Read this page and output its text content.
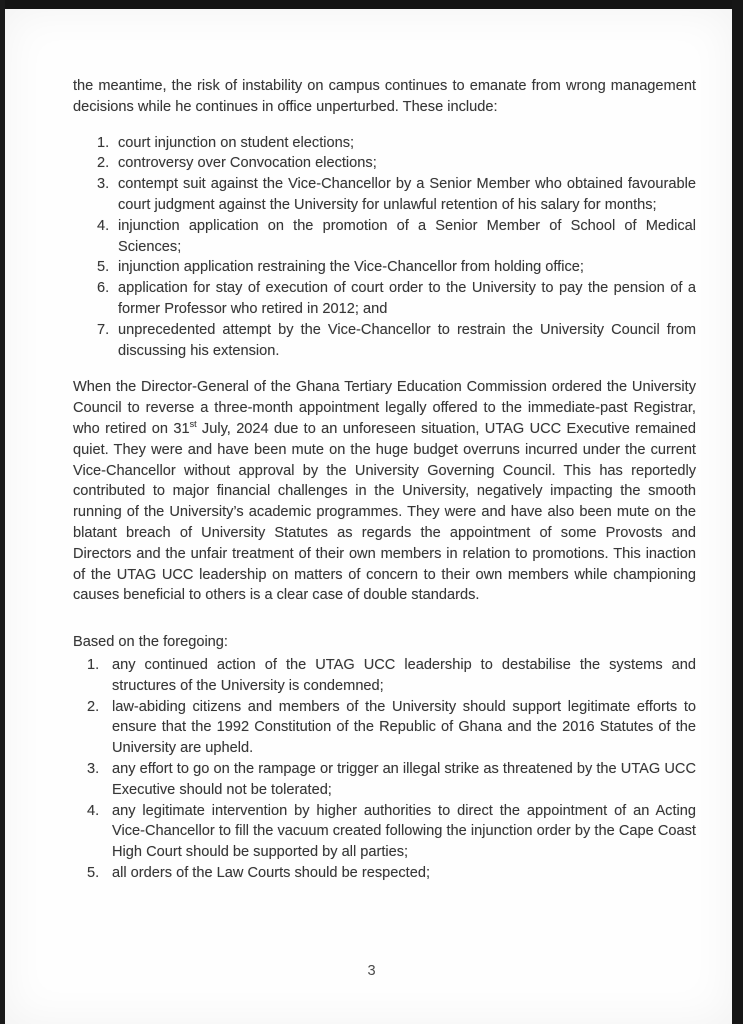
the meantime, the risk of instability on campus continues to emanate from wrong management decisions while he continues in office unperturbed. These include:

1. court injunction on student elections;
2. controversy over Convocation elections;
3. contempt suit against the Vice-Chancellor by a Senior Member who obtained favourable court judgment against the University for unlawful retention of his salary for months;
4. injunction application on the promotion of a Senior Member of School of Medical Sciences;
5. injunction application restraining the Vice-Chancellor from holding office;
6. application for stay of execution of court order to the University to pay the pension of a former Professor who retired in 2012; and
7. unprecedented attempt by the Vice-Chancellor to restrain the University Council from discussing his extension.

When the Director-General of the Ghana Tertiary Education Commission ordered the University Council to reverse a three-month appointment legally offered to the immediate-past Registrar, who retired on 31st July, 2024 due to an unforeseen situation, UTAG UCC Executive remained quiet. They were and have been mute on the huge budget overruns incurred under the current Vice-Chancellor without approval by the University Governing Council. This has reportedly contributed to major financial challenges in the University, negatively impacting the smooth running of the University’s academic programmes. They were and have also been mute on the blatant breach of University Statutes as regards the appointment of some Provosts and Directors and the unfair treatment of their own members in relation to promotions. This inaction of the UTAG UCC leadership on matters of concern to their own members while championing causes beneficial to others is a clear case of double standards.

Based on the foregoing:

1. any continued action of the UTAG UCC leadership to destabilise the systems and structures of the University is condemned;
2. law-abiding citizens and members of the University should support legitimate efforts to ensure that the 1992 Constitution of the Republic of Ghana and the 2016 Statutes of the University are upheld.
3. any effort to go on the rampage or trigger an illegal strike as threatened by the UTAG UCC Executive should not be tolerated;
4. any legitimate intervention by higher authorities to direct the appointment of an Acting Vice-Chancellor to fill the vacuum created following the injunction order by the Cape Coast High Court should be supported by all parties;
5. all orders of the Law Courts should be respected;
3
